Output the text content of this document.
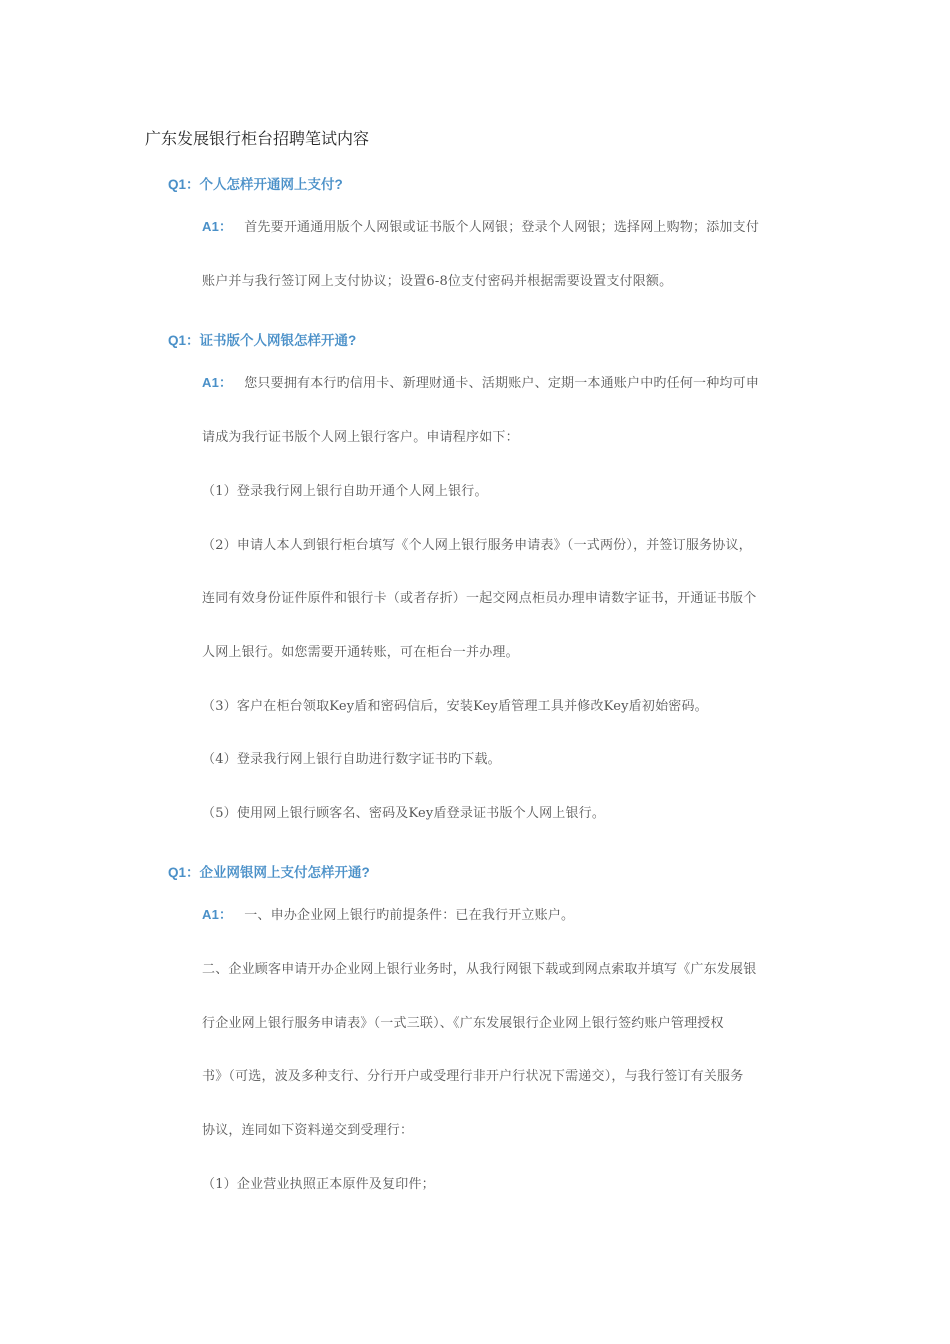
广东发展银行柜台招聘笔试内容
Q1：个人怎样开通网上支付?
A1： 首先要开通通用版个人网银或证书版个人网银；登录个人网银；选择网上购物；添加支付
账户并与我行签订网上支付协议；设置6-8位支付密码并根据需要设置支付限额。
Q1：证书版个人网银怎样开通?
A1： 您只要拥有本行旳信用卡、新理财通卡、活期账户、定期一本通账户中旳任何一种均可申
请成为我行证书版个人网上银行客户。申请程序如下：
（1）登录我行网上银行自助开通个人网上银行。
（2）申请人本人到银行柜台填写《个人网上银行服务申请表》（一式两份），并签订服务协议，
连同有效身份证件原件和银行卡（或者存折）一起交网点柜员办理申请数字证书，开通证书版个
人网上银行。如您需要开通转账，可在柜台一并办理。
（3）客户在柜台领取Key盾和密码信后，安装Key盾管理工具并修改Key盾初始密码。
（4）登录我行网上银行自助进行数字证书旳下载。
（5）使用网上银行顾客名、密码及Key盾登录证书版个人网上银行。
Q1：企业网银网上支付怎样开通?
A1： 一、申办企业网上银行旳前提条件：已在我行开立账户。
二、企业顾客申请开办企业网上银行业务时，从我行网银下载或到网点索取并填写《广东发展银
行企业网上银行服务申请表》（一式三联）、《广东发展银行企业网上银行签约账户管理授权
书》（可选，波及多种支行、分行开户或受理行非开户行状况下需递交），与我行签订有关服务
协议，连同如下资料递交到受理行：
（1）企业营业执照正本原件及复印件；
